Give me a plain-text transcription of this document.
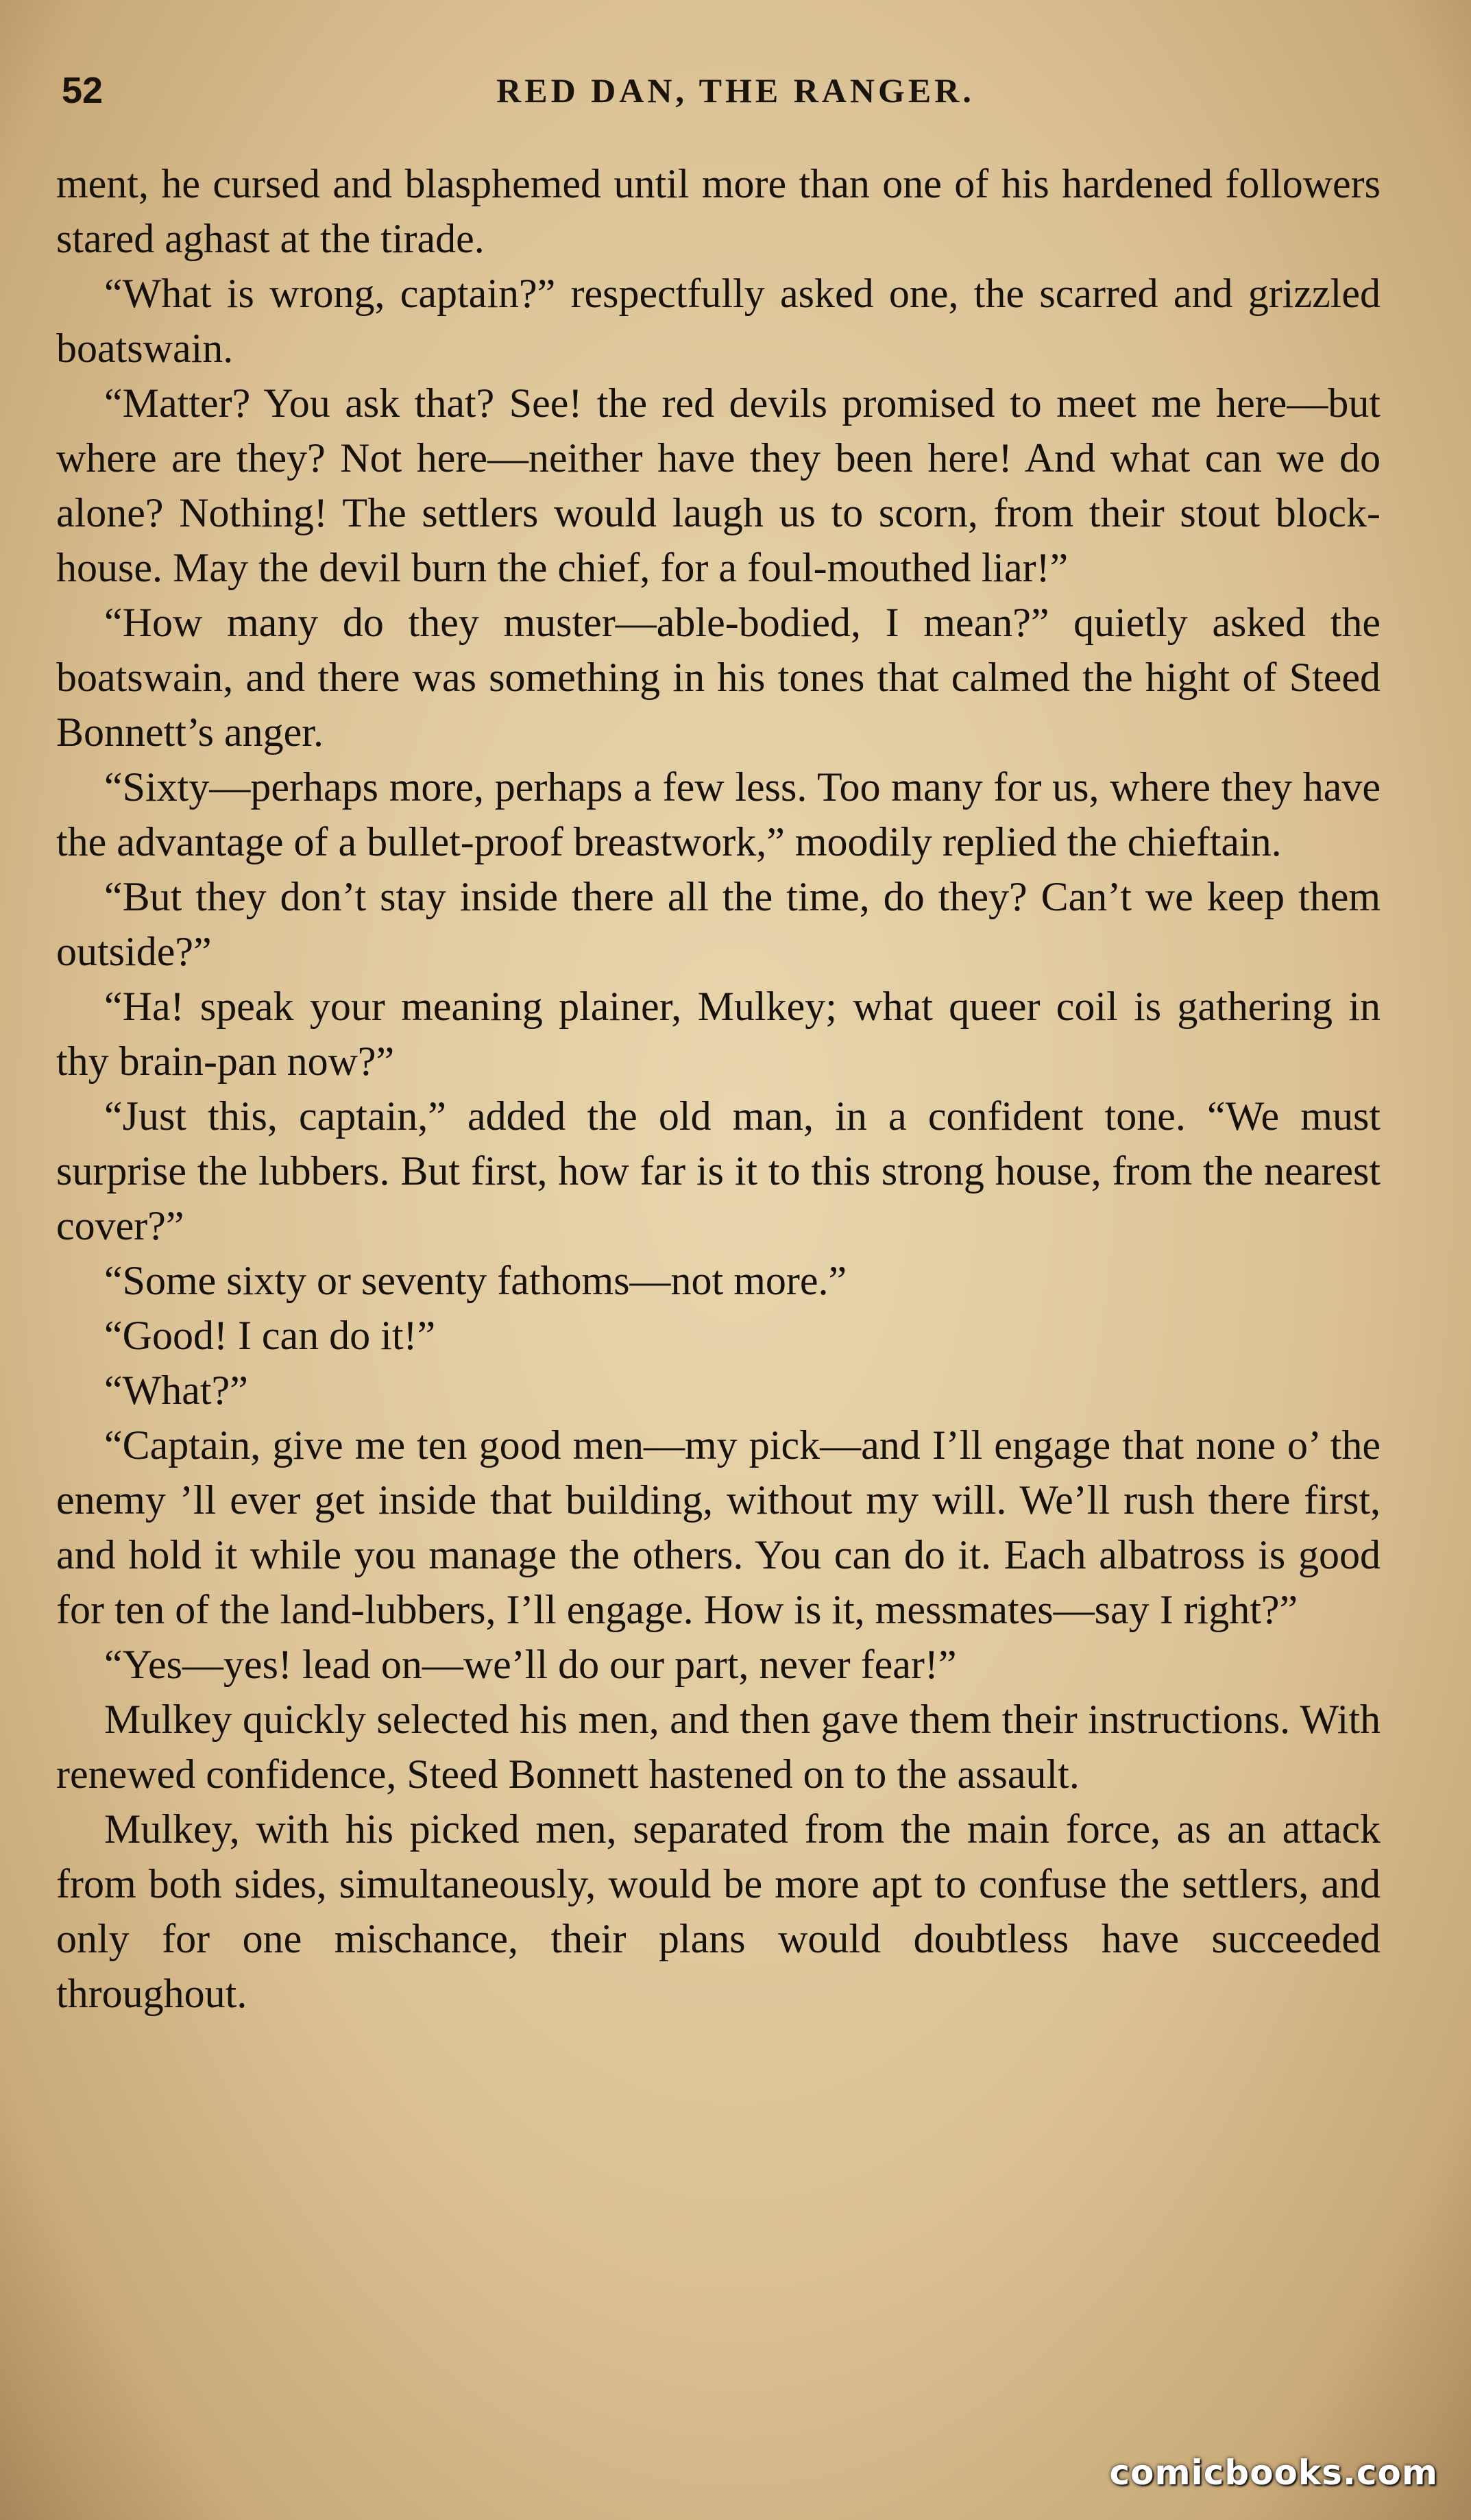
52	RED DAN, THE RANGER.

ment, he cursed and blasphemed until more than one of his hardened followers stared aghast at the tirade.

“What is wrong, captain?” respectfully asked one, the scarred and grizzled boatswain.

“Matter? You ask that? See! the red devils promised to meet me here—but where are they? Not here—neither have they been here! And what can we do alone? Nothing! The settlers would laugh us to scorn, from their stout block-house. May the devil burn the chief, for a foul-mouthed liar!”

“How many do they muster—able-bodied, I mean?” quietly asked the boatswain, and there was something in his tones that calmed the hight of Steed Bonnett’s anger.

“Sixty—perhaps more, perhaps a few less. Too many for us, where they have the advantage of a bullet-proof breastwork,” moodily replied the chieftain.

“But they don’t stay inside there all the time, do they? Can’t we keep them outside?”

“Ha! speak your meaning plainer, Mulkey; what queer coil is gathering in thy brain-pan now?”

“Just this, captain,” added the old man, in a confident tone. “We must surprise the lubbers. But first, how far is it to this strong house, from the nearest cover?”

“Some sixty or seventy fathoms—not more.”

“Good! I can do it!”

“What?”

“Captain, give me ten good men—my pick—and I’ll engage that none o’ the enemy ’ll ever get inside that building, without my will. We’ll rush there first, and hold it while you manage the others. You can do it. Each albatross is good for ten of the land-lubbers, I’ll engage. How is it, messmates—say I right?”

“Yes—yes! lead on—we’ll do our part, never fear!”

Mulkey quickly selected his men, and then gave them their instructions. With renewed confidence, Steed Bonnett hastened on to the assault.

Mulkey, with his picked men, separated from the main force, as an attack from both sides, simultaneously, would be more apt to confuse the settlers, and only for one mischance, their plans would doubtless have succeeded throughout.

comicbooks.com
